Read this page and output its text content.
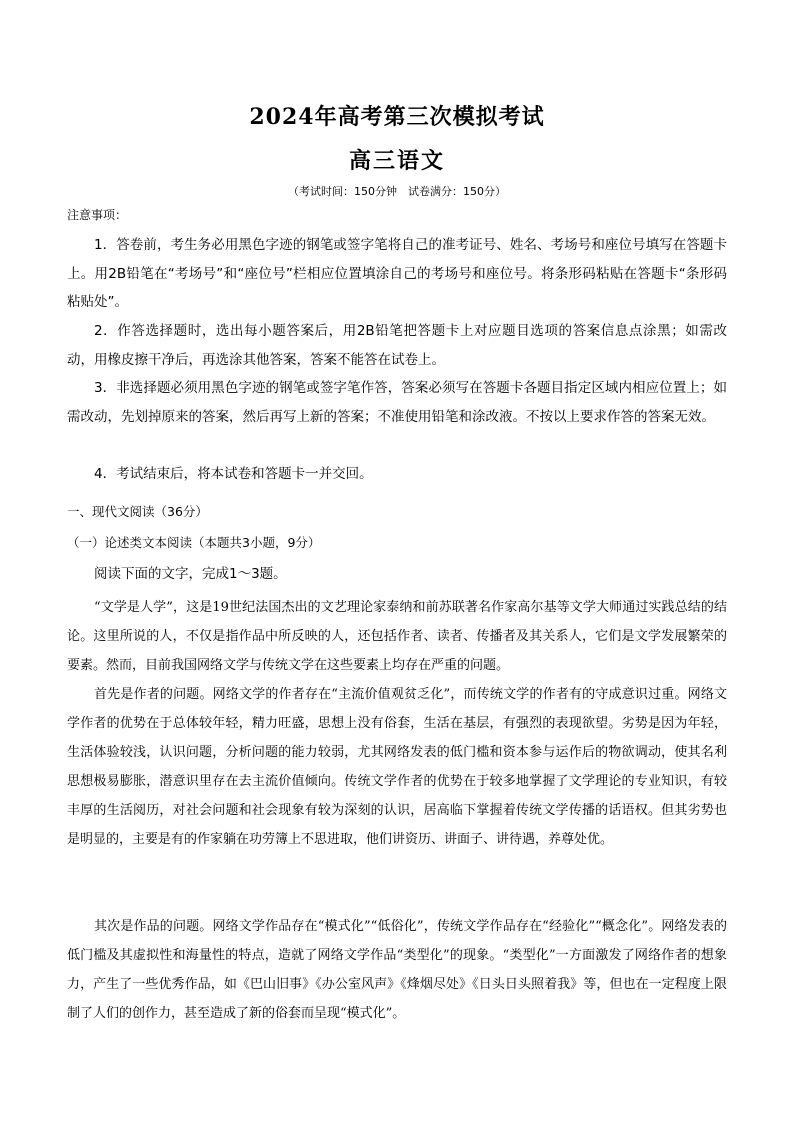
2024年高考第三次模拟考试
高三语文
（考试时间：150分钟　试卷满分：150分）
注意事项：

1．答卷前，考生务必用黑色字迹的钢笔或签字笔将自己的准考证号、姓名、考场号和座位号填写在答题卡上。用2B铅笔在“考场号”和“座位号”栏相应位置填涂自己的考场号和座位号。将条形码粘贴在答题卡“条形码粘贴处”。

2．作答选择题时，选出每小题答案后，用2B铅笔把答题卡上对应题目选项的答案信息点涂黑；如需改动，用橡皮擦干净后，再选涂其他答案，答案不能答在试卷上。

3．非选择题必须用黑色字迹的钢笔或签字笔作答，答案必须写在答题卡各题目指定区域内相应位置上；如需改动，先划掉原来的答案，然后再写上新的答案；不准使用铅笔和涂改液。不按以上要求作答的答案无效。

4．考试结束后，将本试卷和答题卡一并交回。

一、现代文阅读（36分）
（一）论述类文本阅读（本题共3小题，9分）
阅读下面的文字，完成1～3题。

“文学是人学”，这是19世纪法国杰出的文艺理论家泰纳和前苏联著名作家高尔基等文学大师通过实践总结的结论。这里所说的人，不仅是指作品中所反映的人，还包括作者、读者、传播者及其关系人，它们是文学发展繁荣的要素。然而，目前我国网络文学与传统文学在这些要素上均存在严重的问题。

首先是作者的问题。网络文学的作者存在“主流价值观贫乏化”，而传统文学的作者有的守成意识过重。网络文学作者的优势在于总体较年轻，精力旺盛，思想上没有俗套，生活在基层，有强烈的表现欲望。劣势是因为年轻，生活体验较浅，认识问题，分析问题的能力较弱，尤其网络发表的低门槛和资本参与运作后的物欲调动，使其名利思想极易膨胀，潜意识里存在去主流价值倾向。传统文学作者的优势在于较多地掌握了文学理论的专业知识，有较丰厚的生活阅历，对社会问题和社会现象有较为深刻的认识，居高临下掌握着传统文学传播的话语权。但其劣势也是明显的，主要是有的作家躺在功劳簿上不思进取，他们讲资历、讲面子、讲待遇，养尊处优。

其次是作品的问题。网络文学作品存在“模式化”“低俗化”，传统文学作品存在“经验化”“概念化”。网络发表的低门槛及其虚拟性和海量性的特点，造就了网络文学作品“类型化”的现象。“类型化”一方面激发了网络作者的想象力，产生了一些优秀作品，如《巴山旧事》《办公室风声》《烽烟尽处》《日头日头照着我》等，但也在一定程度上限制了人们的创作力，甚至造成了新的俗套而呈现“模式化”。
